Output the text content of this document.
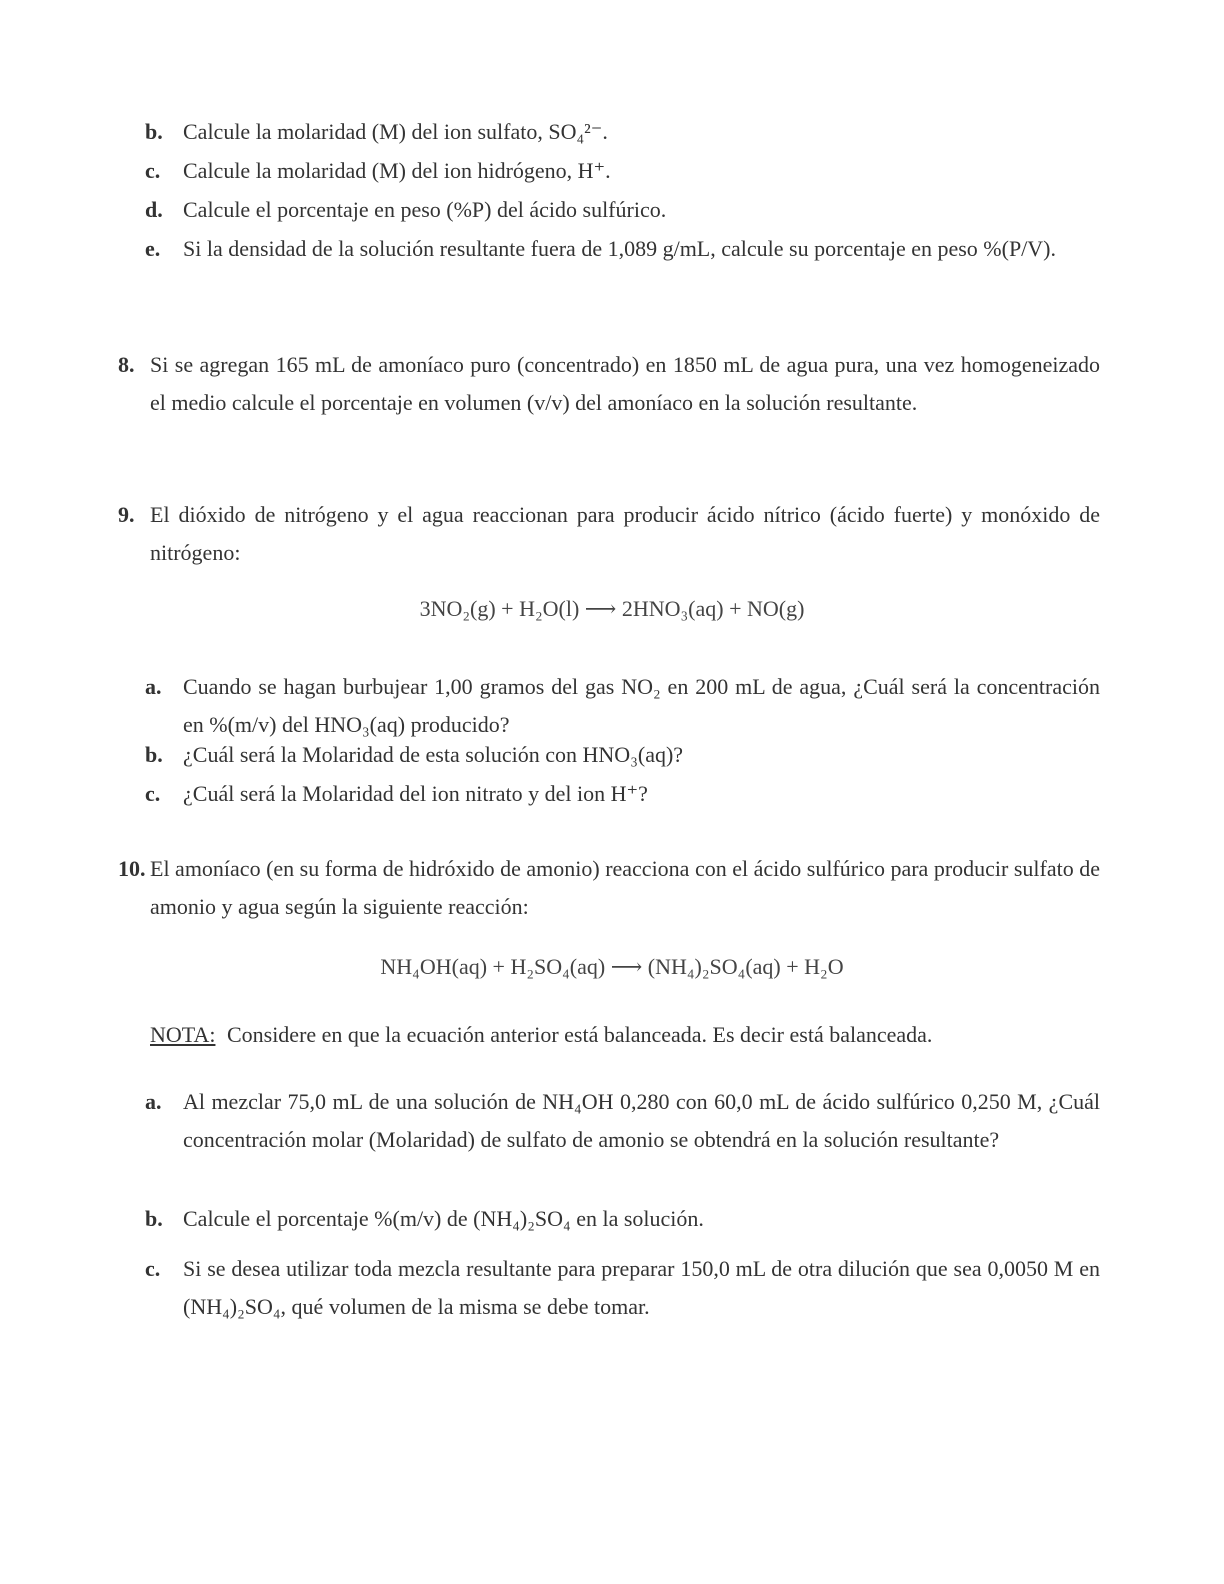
b. Calcule la molaridad (M) del ion sulfato, SO₄²⁻.
c. Calcule la molaridad (M) del ion hidrógeno, H⁺.
d. Calcule el porcentaje en peso (%P) del ácido sulfúrico.
e. Si la densidad de la solución resultante fuera de 1,089 g/mL, calcule su porcentaje en peso %(P/V).
8. Si se agregan 165 mL de amoníaco puro (concentrado) en 1850 mL de agua pura, una vez homogeneizado el medio calcule el porcentaje en volumen (v/v) del amoníaco en la solución resultante.
9. El dióxido de nitrógeno y el agua reaccionan para producir ácido nítrico (ácido fuerte) y monóxido de nitrógeno:
3NO₂(g) + H₂O(l) ⟶ 2HNO₃(aq) + NO(g)
a. Cuando se hagan burbujear 1,00 gramos del gas NO₂ en 200 mL de agua, ¿Cuál será la concentración en %(m/v) del HNO₃(aq) producido?
b. ¿Cuál será la Molaridad de esta solución con HNO₃(aq)?
c. ¿Cuál será la Molaridad del ion nitrato y del ion H⁺?
10. El amoníaco (en su forma de hidróxido de amonio) reacciona con el ácido sulfúrico para producir sulfato de amonio y agua según la siguiente reacción:
NH₄OH(aq) + H₂SO₄(aq) ⟶ (NH₄)₂SO₄(aq) + H₂O
NOTA: Considere en que la ecuación anterior está balanceada. Es decir está balanceada.
a. Al mezclar 75,0 mL de una solución de NH₄OH 0,280 con 60,0 mL de ácido sulfúrico 0,250 M, ¿Cuál concentración molar (Molaridad) de sulfato de amonio se obtendrá en la solución resultante?
b. Calcule el porcentaje %(m/v) de (NH₄)₂SO₄ en la solución.
c. Si se desea utilizar toda mezcla resultante para preparar 150,0 mL de otra dilución que sea 0,0050 M en (NH₄)₂SO₄, qué volumen de la misma se debe tomar.
